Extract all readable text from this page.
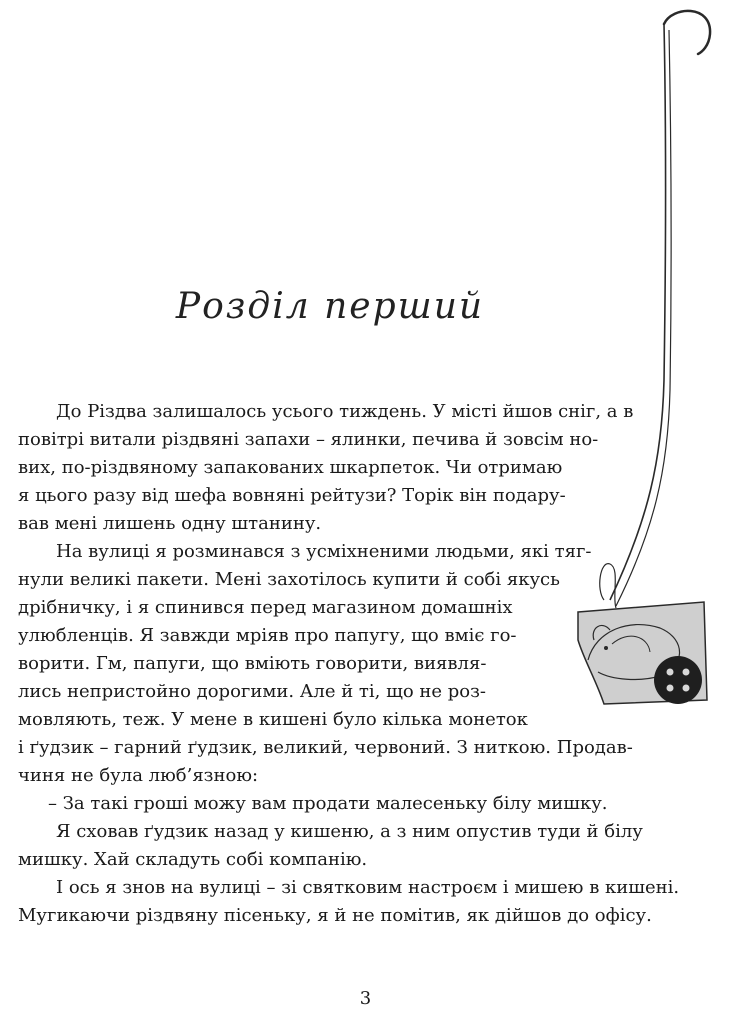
Розділ перший
До Різдва залишалось усього тиждень. У місті йшов сніг, а в
повітрі витали різдвяні запахи – ялинки, печива й зовсім но-
вих, по-різдвяному запакованих шкарпеток. Чи отримаю
я цього разу від шефа вовняні рейтузи? Торік він подару-
вав мені лишень одну штанину.
На вулиці я розминався з усміхненими людьми, які тяг-
нули великі пакети. Мені захотілось купити й собі якусь
дрібничку, і я спинився перед магазином домашніх
улюбленців. Я завжди мріяв про папугу, що вміє го-
ворити. Гм, папуги, що вміють говорити, виявля-
лись непристойно дорогими. Але й ті, що не роз-
мовляють, теж. У мене в кишені було кілька монеток
і ґудзик – гарний ґудзик, великий, червоний. З ниткою. Продав-
чиня не була люб’язною:
– За такі гроші можу вам продати малесеньку білу мишку.
Я сховав ґудзик назад у кишеню, а з ним опустив туди й білу
мишку. Хай складуть собі компанію.
І ось я знов на вулиці – зі святковим настроєм і мишею в кишені.
Мугикаючи різдвяну пісеньку, я й не помітив, як дійшов до офісу.
3
